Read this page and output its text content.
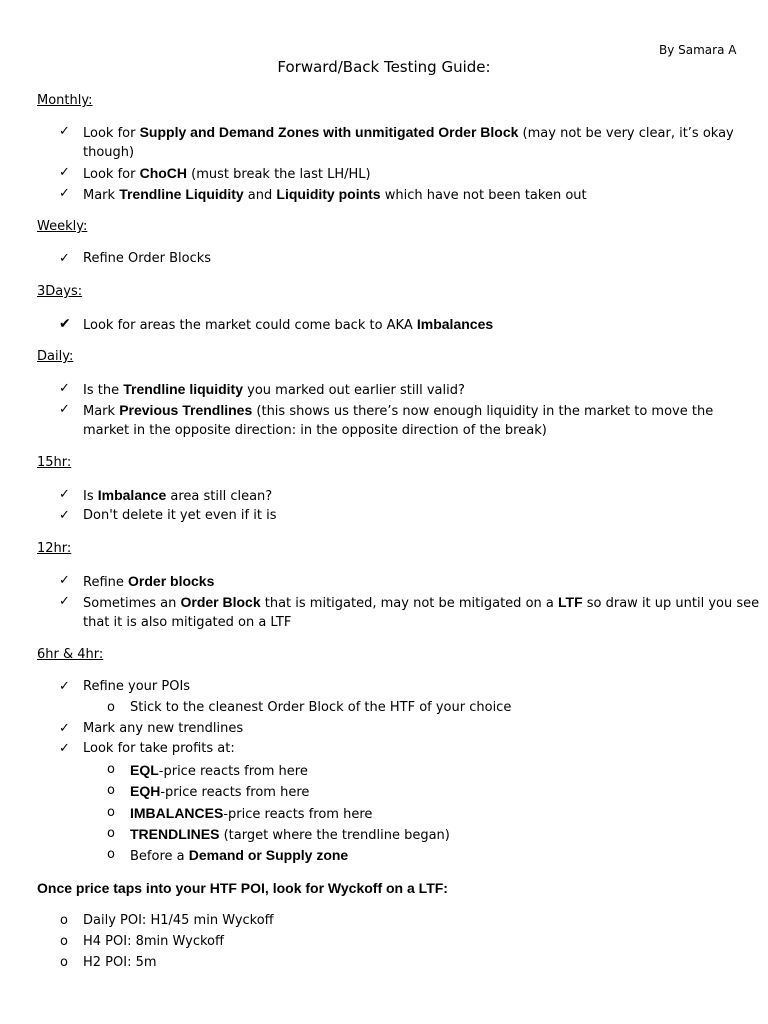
By Samara A
Forward/Back Testing Guide:
Monthly:
✓ Look for Supply and Demand Zones with unmitigated Order Block (may not be very clear, it’s okay
though)
✓ Look for ChoCH (must break the last LH/HL)
✓ Mark Trendline Liquidity and Liquidity points which have not been taken out
Weekly:
✓ Refine Order Blocks
3Days:
✔ Look for areas the market could come back to AKA Imbalances
Daily:
✓ Is the Trendline liquidity you marked out earlier still valid?
✓ Mark Previous Trendlines (this shows us there’s now enough liquidity in the market to move the
market in the opposite direction: in the opposite direction of the break)
15hr:
✓ Is Imbalance area still clean?
✓ Don't delete it yet even if it is
12hr:
✓ Refine Order blocks
✓ Sometimes an Order Block that is mitigated, may not be mitigated on a LTF so draw it up until you see
that it is also mitigated on a LTF
6hr & 4hr:
✓ Refine your POIs
o Stick to the cleanest Order Block of the HTF of your choice
✓ Mark any new trendlines
✓ Look for take profits at:
o EQL-price reacts from here
o EQH-price reacts from here
o IMBALANCES-price reacts from here
o TRENDLINES (target where the trendline began)
o Before a Demand or Supply zone
Once price taps into your HTF POI, look for Wyckoff on a LTF:
o Daily POI: H1/45 min Wyckoff
o H4 POI: 8min Wyckoff
o H2 POI: 5m
